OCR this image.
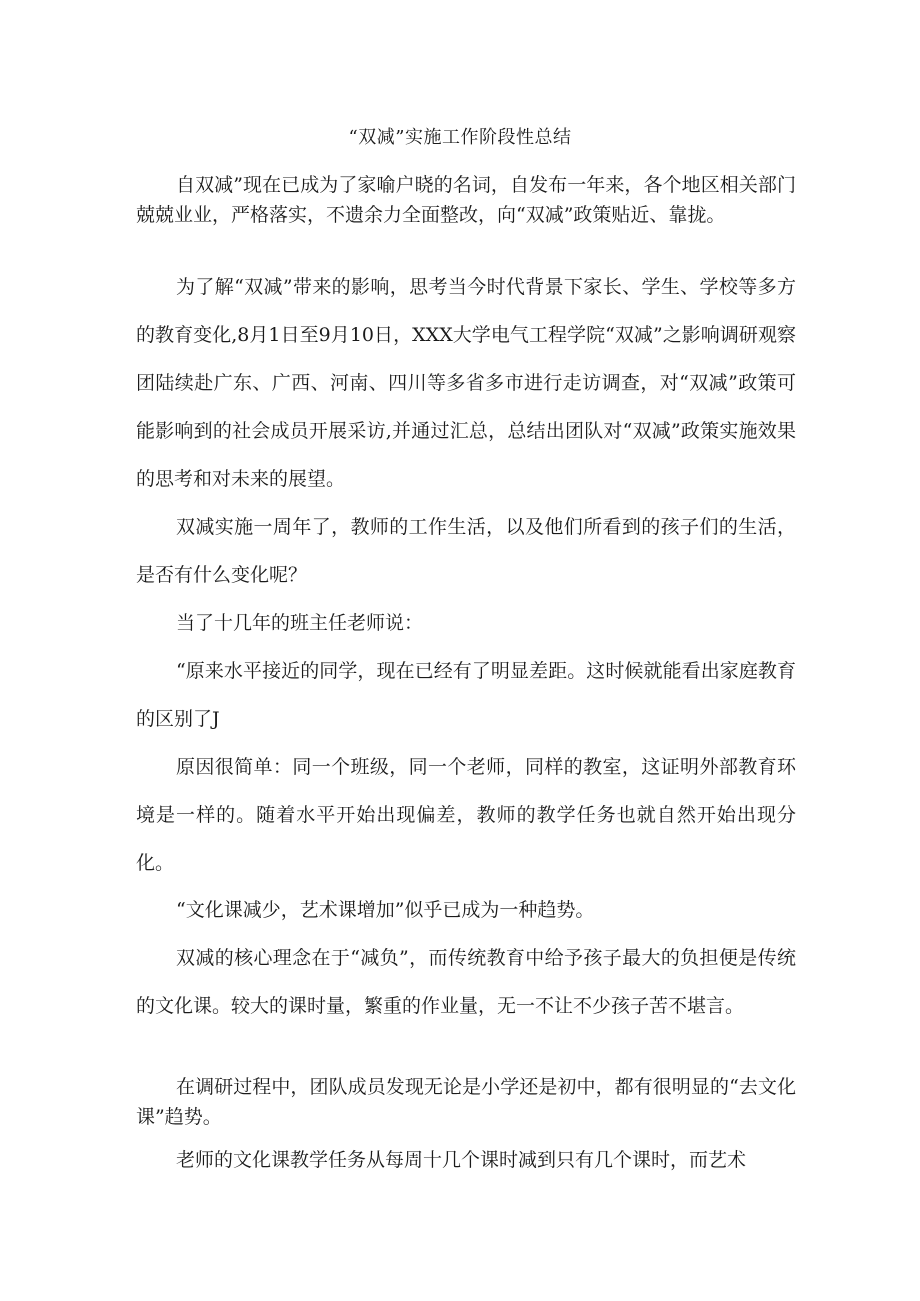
“双减”实施工作阶段性总结

自双减”现在已成为了家喻户晓的名词，自发布一年来，各个地区相关部门兢兢业业，严格落实，不遗余力全面整改，向“双减”政策贴近、靠拢。

为了解“双减”带来的影响，思考当今时代背景下家长、学生、学校等多方的教育变化,8月1日至9月10日，XXX大学电气工程学院“双减”之影响调研观察团陆续赴广东、广西、河南、四川等多省多市进行走访调查，对“双减”政策可能影响到的社会成员开展采访,并通过汇总，总结出团队对“双减”政策实施效果的思考和对未来的展望。

双减实施一周年了，教师的工作生活，以及他们所看到的孩子们的生活，是否有什么变化呢？

当了十几年的班主任老师说：

“原来水平接近的同学，现在已经有了明显差距。这时候就能看出家庭教育的区别了J

原因很简单：同一个班级，同一个老师，同样的教室，这证明外部教育环境是一样的。随着水平开始出现偏差，教师的教学任务也就自然开始出现分化。

“文化课减少，艺术课增加”似乎已成为一种趋势。

双减的核心理念在于“减负”，而传统教育中给予孩子最大的负担便是传统的文化课。较大的课时量，繁重的作业量，无一不让不少孩子苦不堪言。

在调研过程中，团队成员发现无论是小学还是初中，都有很明显的“去文化课”趋势。

老师的文化课教学任务从每周十几个课时减到只有几个课时，而艺术
